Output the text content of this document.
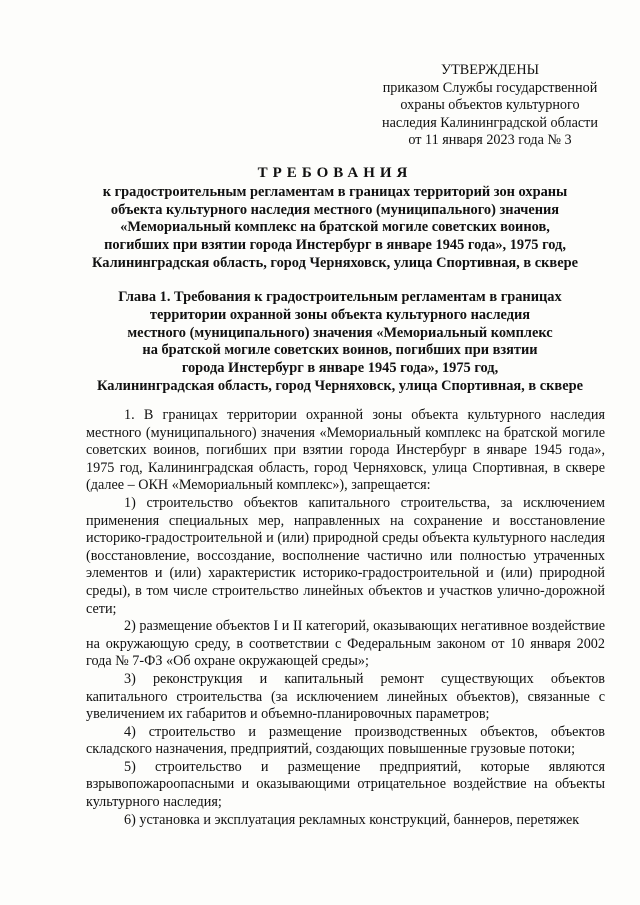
УТВЕРЖДЕНЫ
приказом Службы государственной
охраны объектов культурного
наследия Калининградской области
от 11 января 2023 года № 3
ТРЕБОВАНИЯ
к градостроительным регламентам в границах территорий зон охраны
объекта культурного наследия местного (муниципального) значения
«Мемориальный комплекс на братской могиле советских воинов,
погибших при взятии города Инстербург в январе 1945 года», 1975 год,
Калининградская область, город Черняховск, улица Спортивная, в сквере
Глава 1. Требования к градостроительным регламентам в границах
территории охранной зоны объекта культурного наследия
местного (муниципального) значения «Мемориальный комплекс
на братской могиле советских воинов, погибших при взятии
города Инстербург в январе 1945 года», 1975 год,
Калининградская область, город Черняховск, улица Спортивная, в сквере

1. В границах территории охранной зоны объекта культурного наследия местного (муниципального) значения «Мемориальный комплекс на братской могиле советских воинов, погибших при взятии города Инстербург в январе 1945 года», 1975 год, Калининградская область, город Черняховск, улица Спортивная, в сквере (далее – ОКН «Мемориальный комплекс»), запрещается:

1) строительство объектов капитального строительства, за исключением применения специальных мер, направленных на сохранение и восстановление историко-градостроительной и (или) природной среды объекта культурного наследия (восстановление, воссоздание, восполнение частично или полностью утраченных элементов и (или) характеристик историко-градостроительной и (или) природной среды), в том числе строительство линейных объектов и участков улично-дорожной сети;

2) размещение объектов I и II категорий, оказывающих негативное воздействие на окружающую среду, в соответствии с Федеральным законом от 10 января 2002 года № 7-ФЗ «Об охране окружающей среды»;

3) реконструкция и капитальный ремонт существующих объектов капитального строительства (за исключением линейных объектов), связанные с увеличением их габаритов и объемно-планировочных параметров;

4) строительство и размещение производственных объектов, объектов складского назначения, предприятий, создающих повышенные грузовые потоки;

5) строительство и размещение предприятий, которые являются взрывопожароопасными и оказывающими отрицательное воздействие на объекты культурного наследия;

6) установка и эксплуатация рекламных конструкций, баннеров, перетяжек
